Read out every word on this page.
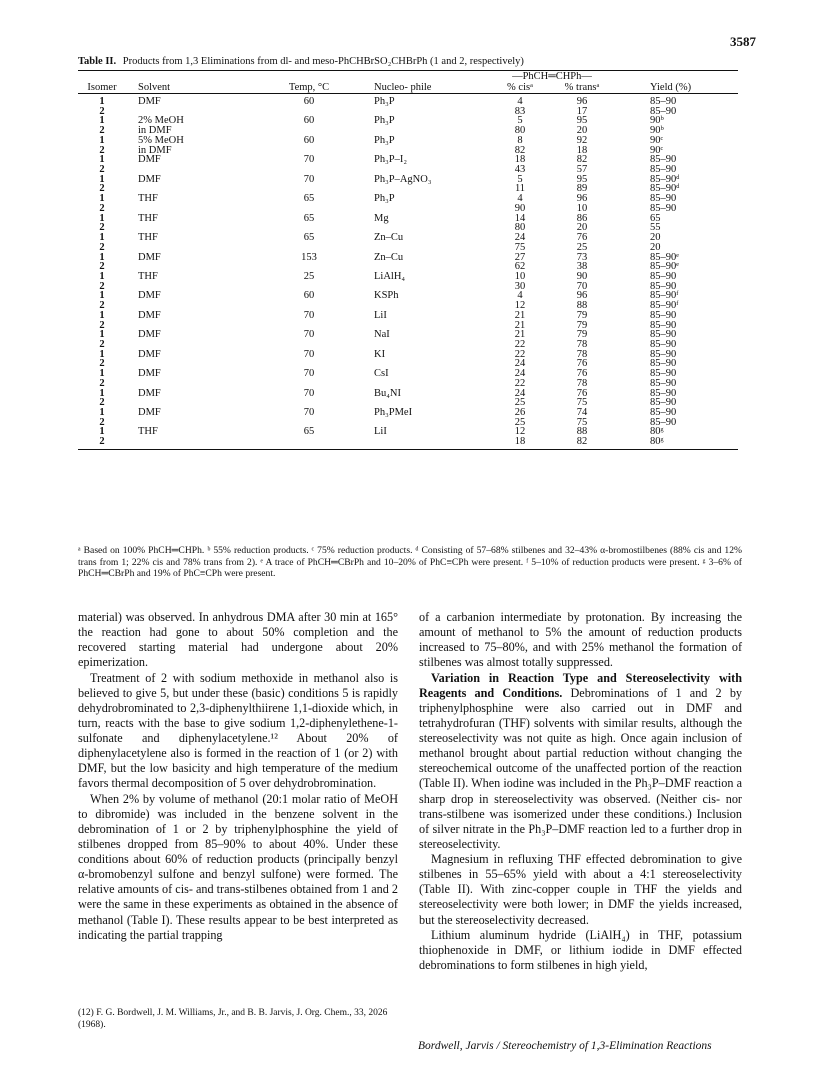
3587
Table II. Products from 1,3 Eliminations from dl- and meso-PhCHBrSO₂CHBrPh (1 and 2, respectively)
				—PhCH═CHPh—		
Isomer	Solvent	Temp, °C	Nucleo- phile	% cisᵃ	% transᵃ	Yield (%)

1	DMF	60	Ph₃P	4	96	85–90
2				83	17	85–90
1	2% MeOH	60	Ph₃P	5	95	90ᵇ
2	in DMF			80	20	90ᵇ
1	5% MeOH	60	Ph₃P	8	92	90ᶜ
2	in DMF			82	18	90ᶜ
1	DMF	70	Ph₃P–I₂	18	82	85–90
2				43	57	85–90
1	DMF	70	Ph₃P–AgNO₃	5	95	85–90ᵈ
2				11	89	85–90ᵈ
1	THF	65	Ph₃P	4	96	85–90
2				90	10	85–90
1	THF	65	Mg	14	86	65
2				80	20	55
1	THF	65	Zn–Cu	24	76	20
2				75	25	20
1	DMF	153	Zn–Cu	27	73	85–90ᵉ
2				62	38	85–90ᵉ
1	THF	25	LiAlH₄	10	90	85–90
2				30	70	85–90
1	DMF	60	KSPh	4	96	85–90ᶠ
2				12	88	85–90ᶠ
1	DMF	70	LiI	21	79	85–90
2				21	79	85–90
1	DMF	70	NaI	21	79	85–90
2				22	78	85–90
1	DMF	70	KI	22	78	85–90
2				24	76	85–90
1	DMF	70	CsI	24	76	85–90
2				22	78	85–90
1	DMF	70	Bu₄NI	24	76	85–90
2				25	75	85–90
1	DMF	70	Ph₃PMeI	26	74	85–90
2				25	75	85–90
1	THF	65	LiI	12	88	80ᵍ
2				18	82	80ᵍ
ᵃ Based on 100% PhCH═CHPh. ᵇ 55% reduction products. ᶜ 75% reduction products. ᵈ Consisting of 57–68% stilbenes and 32–43% α-bromostilbenes (88% cis and 12% trans from 1; 22% cis and 78% trans from 2). ᵉ A trace of PhCH═CBrPh and 10–20% of PhC≡CPh were present. ᶠ 5–10% of reduction products were present. ᵍ 3–6% of PhCH═CBrPh and 19% of PhC≡CPh were present.

material) was observed. In anhydrous DMA after 30 min at 165° the reaction had gone to about 50% completion and the recovered starting material had undergone about 20% epimerization.

Treatment of 2 with sodium methoxide in methanol also is believed to give 5, but under these (basic) conditions 5 is rapidly dehydrobrominated to 2,3-diphenylthiirene 1,1-dioxide which, in turn, reacts with the base to give sodium 1,2-diphenylethene-1-sulfonate and diphenylacetylene.¹² About 20% of diphenylacetylene also is formed in the reaction of 1 (or 2) with DMF, but the low basicity and high temperature of the medium favors thermal decomposition of 5 over dehydrobromination.

When 2% by volume of methanol (20:1 molar ratio of MeOH to dibromide) was included in the benzene solvent in the debromination of 1 or 2 by triphenylphosphine the yield of stilbenes dropped from 85–90% to about 40%. Under these conditions about 60% of reduction products (principally benzyl α-bromobenzyl sulfone and benzyl sulfone) were formed. The relative amounts of cis- and trans-stilbenes obtained from 1 and 2 were the same in these experiments as obtained in the absence of methanol (Table I). These results appear to be best interpreted as indicating the partial trapping

(12) F. G. Bordwell, J. M. Williams, Jr., and B. B. Jarvis, J. Org. Chem., 33, 2026 (1968).

of a carbanion intermediate by protonation. By increasing the amount of methanol to 5% the amount of reduction products increased to 75–80%, and with 25% methanol the formation of stilbenes was almost totally suppressed.

Variation in Reaction Type and Stereoselectivity with Reagents and Conditions. Debrominations of 1 and 2 by triphenylphosphine were also carried out in DMF and tetrahydrofuran (THF) solvents with similar results, although the stereoselectivity was not quite as high. Once again inclusion of methanol brought about partial reduction without changing the stereochemical outcome of the unaffected portion of the reaction (Table II). When iodine was included in the Ph₃P–DMF reaction a sharp drop in stereoselectivity was observed. (Neither cis- nor trans-stilbene was isomerized under these conditions.) Inclusion of silver nitrate in the Ph₃P–DMF reaction led to a further drop in stereoselectivity.

Magnesium in refluxing THF effected debromination to give stilbenes in 55–65% yield with about a 4:1 stereoselectivity (Table II). With zinc-copper couple in THF the yields and stereoselectivity were both lower; in DMF the yields increased, but the stereoselectivity decreased.

Lithium aluminum hydride (LiAlH₄) in THF, potassium thiophenoxide in DMF, or lithium iodide in DMF effected debrominations to form stilbenes in high yield,

Bordwell, Jarvis / Stereochemistry of 1,3-Elimination Reactions
